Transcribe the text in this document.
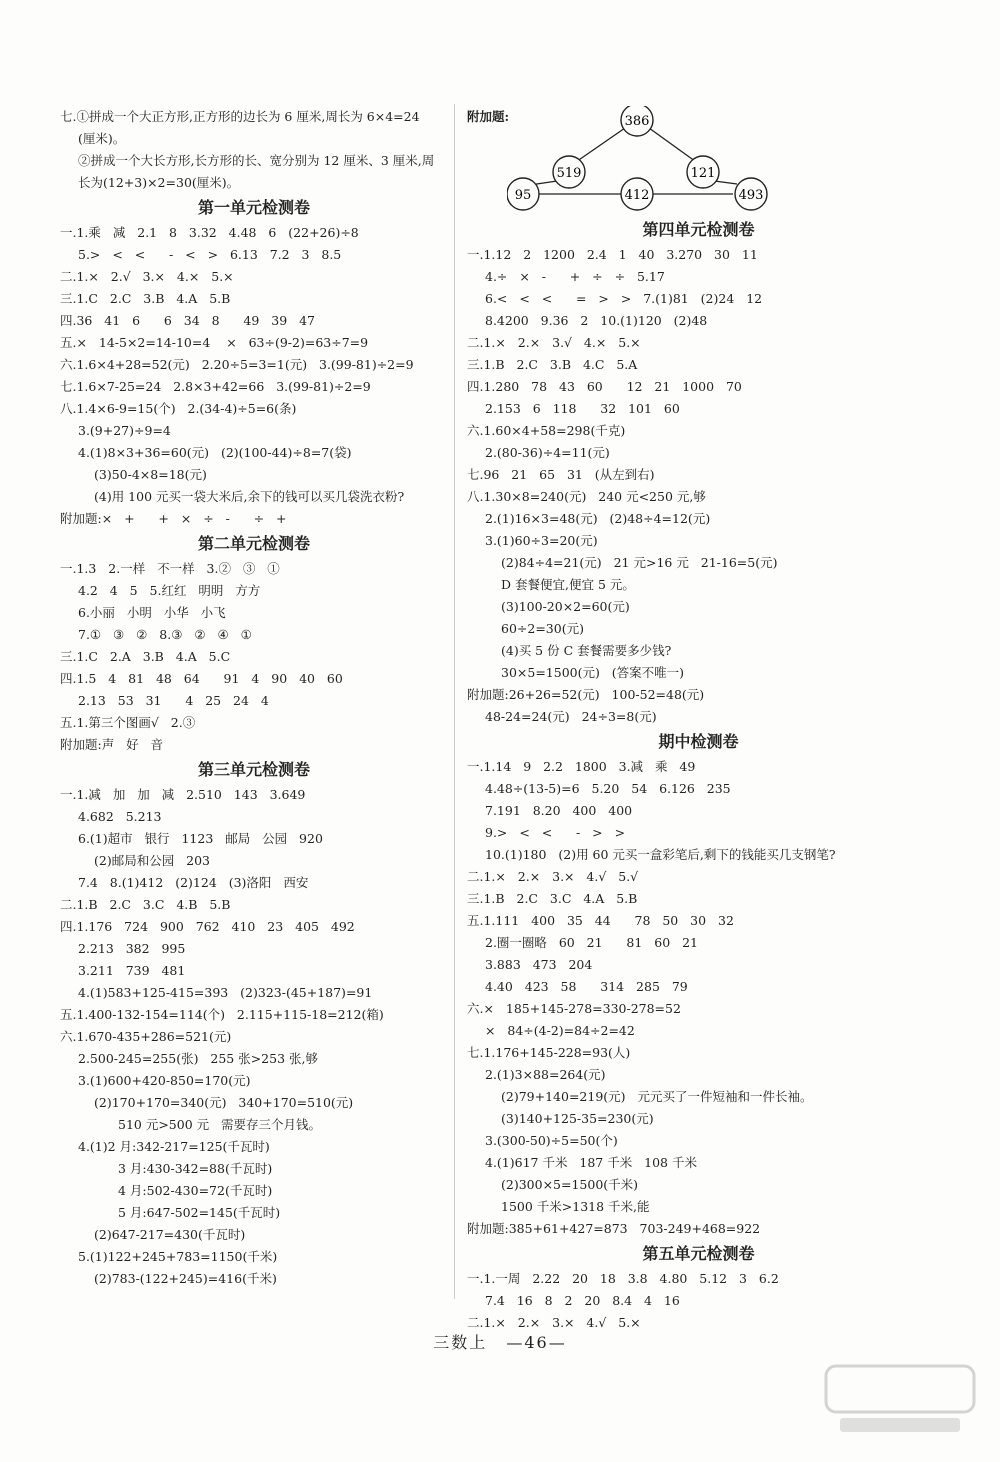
七.①拼成一个大正方形,正方形的边长为 6 厘米,周长为 6×4=24
(厘米)。
②拼成一个大长方形,长方形的长、宽分别为 12 厘米、3 厘米,周
长为(12+3)×2=30(厘米)。
第一单元检测卷
一.1.乘   减   2.1   8   3.32   4.48   6   (22+26)÷8
5.>   <   <      -   <   >   6.13   7.2   3   8.5
二.1.×   2.√   3.×   4.×   5.×
三.1.C   2.C   3.B   4.A   5.B
四.36   41   6      6   34   8      49   39   47
五.×   14-5×2=14-10=4    ×   63÷(9-2)=63÷7=9
六.1.6×4+28=52(元)   2.20÷5=3=1(元)   3.(99-81)÷2=9
七.1.6×7-25=24   2.8×3+42=66   3.(99-81)÷2=9
八.1.4×6-9=15(个)   2.(34-4)÷5=6(条)
3.(9+27)÷9=4
4.(1)8×3+36=60(元)   (2)(100-44)÷8=7(袋)
(3)50-4×8=18(元)
(4)用 100 元买一袋大米后,余下的钱可以买几袋洗衣粉?
附加题:×   +      +   ×   ÷   -      ÷   +
第二单元检测卷
一.1.3   2.一样   不一样   3.②   ③   ①
4.2   4   5   5.红红   明明   方方
6.小丽   小明   小华   小飞
7.①   ③   ②   8.③   ②   ④   ①
三.1.C   2.A   3.B   4.A   5.C
四.1.5   4   81   48   64      91   4   90   40   60
2.13   53   31      4   25   24   4
五.1.第三个图画√   2.③
附加题:声   好   音
第三单元检测卷
一.1.减   加   加   减   2.510   143   3.649
4.682   5.213
6.(1)超市   银行   1123   邮局   公园   920
(2)邮局和公园   203
7.4   8.(1)412   (2)124   (3)洛阳   西安
二.1.B   2.C   3.C   4.B   5.B
四.1.176   724   900   762   410   23   405   492
2.213   382   995
3.211   739   481
4.(1)583+125-415=393   (2)323-(45+187)=91
五.1.400-132-154=114(个)   2.115+115-18=212(箱)
六.1.670-435+286=521(元)
2.500-245=255(张)   255 张>253 张,够
3.(1)600+420-850=170(元)
(2)170+170=340(元)   340+170=510(元)
510 元>500 元   需要存三个月钱。
4.(1)2 月:342-217=125(千瓦时)
3 月:430-342=88(千瓦时)
4 月:502-430=72(千瓦时)
5 月:647-502=145(千瓦时)
(2)647-217=430(千瓦时)
5.(1)122+245+783=1150(千米)
(2)783-(122+245)=416(千米)
附加题:	386
519	121
95	412	493
第四单元检测卷
一.1.12   2   1200   2.4   1   40   3.270   30   11
4.÷   ×   -      +   ÷   ÷   5.17
6.<   <   <      =   >   >   7.(1)81   (2)24   12
8.4200   9.36   2   10.(1)120   (2)48
二.1.×   2.×   3.√   4.×   5.×
三.1.B   2.C   3.B   4.C   5.A
四.1.280   78   43   60      12   21   1000   70
2.153   6   118      32   101   60
六.1.60×4+58=298(千克)
2.(80-36)÷4=11(元)
七.96   21   65   31   (从左到右)
八.1.30×8=240(元)   240 元<250 元,够
2.(1)16×3=48(元)   (2)48÷4=12(元)
3.(1)60÷3=20(元)
(2)84÷4=21(元)   21 元>16 元   21-16=5(元)
D 套餐便宜,便宜 5 元。
(3)100-20×2=60(元)
60÷2=30(元)
(4)买 5 份 C 套餐需要多少钱?
30×5=1500(元)   (答案不唯一)
附加题:26+26=52(元)   100-52=48(元)
48-24=24(元)   24÷3=8(元)
期中检测卷
一.1.14   9   2.2   1800   3.减   乘   49
4.48÷(13-5)=6   5.20   54   6.126   235
7.191   8.20   400   400
9.>   <   <      -   >   >
10.(1)180   (2)用 60 元买一盒彩笔后,剩下的钱能买几支钢笔?
二.1.×   2.×   3.×   4.√   5.√
三.1.B   2.C   3.C   4.A   5.B
五.1.111   400   35   44      78   50   30   32
2.圈一圈略   60   21      81   60   21
3.883   473   204
4.40   423   58      314   285   79
六.×   185+145-278=330-278=52
×   84÷(4-2)=84÷2=42
七.1.176+145-228=93(人)
2.(1)3×88=264(元)
(2)79+140=219(元)   元元买了一件短袖和一件长袖。
(3)140+125-35=230(元)
3.(300-50)÷5=50(个)
4.(1)617 千米   187 千米   108 千米
(2)300×5=1500(千米)
1500 千米>1318 千米,能
附加题:385+61+427=873   703-249+468=922
第五单元检测卷
一.1.一周   2.22   20   18   3.8   4.80   5.12   3   6.2
7.4   16   8   2   20   8.4   4   16
二.1.×   2.×   3.×   4.√   5.×
三数上 —46—
